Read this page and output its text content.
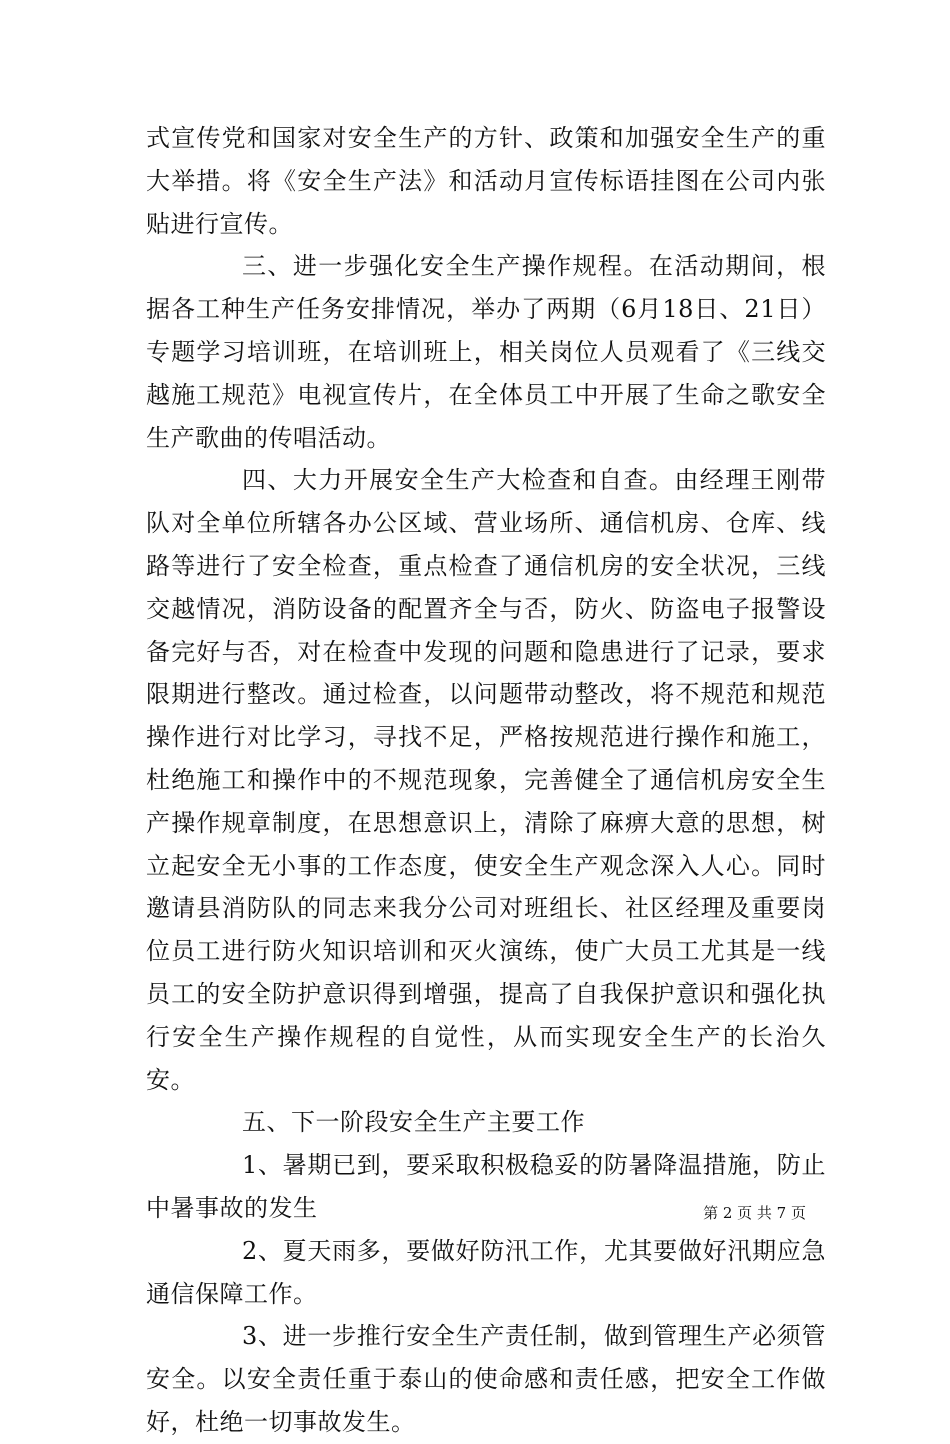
式宣传党和国家对安全生产的方针、政策和加强安全生产的重大举措。将《安全生产法》和活动月宣传标语挂图在公司内张贴进行宣传。

三、进一步强化安全生产操作规程。在活动期间，根据各工种生产任务安排情况，举办了两期（6月18日、21日）专题学习培训班，在培训班上，相关岗位人员观看了《三线交越施工规范》电视宣传片，在全体员工中开展了生命之歌安全生产歌曲的传唱活动。

四、大力开展安全生产大检查和自查。由经理王刚带队对全单位所辖各办公区域、营业场所、通信机房、仓库、线路等进行了安全检查，重点检查了通信机房的安全状况，三线交越情况，消防设备的配置齐全与否，防火、防盗电子报警设备完好与否，对在检查中发现的问题和隐患进行了记录，要求限期进行整改。通过检查，以问题带动整改，将不规范和规范操作进行对比学习，寻找不足，严格按规范进行操作和施工，杜绝施工和操作中的不规范现象，完善健全了通信机房安全生产操作规章制度，在思想意识上，清除了麻痹大意的思想，树立起安全无小事的工作态度，使安全生产观念深入人心。同时邀请县消防队的同志来我分公司对班组长、社区经理及重要岗位员工进行防火知识培训和灭火演练，使广大员工尤其是一线员工的安全防护意识得到增强，提高了自我保护意识和强化执行安全生产操作规程的自觉性，从而实现安全生产的长治久安。

五、下一阶段安全生产主要工作

1、暑期已到，要采取积极稳妥的防暑降温措施，防止中暑事故的发生

2、夏天雨多，要做好防汛工作，尤其要做好汛期应急通信保障工作。

3、进一步推行安全生产责任制，做到管理生产必须管安全。以安全责任重于泰山的使命感和责任感，把安全工作做好，杜绝一切事故发生。

第 2 页 共 7 页
